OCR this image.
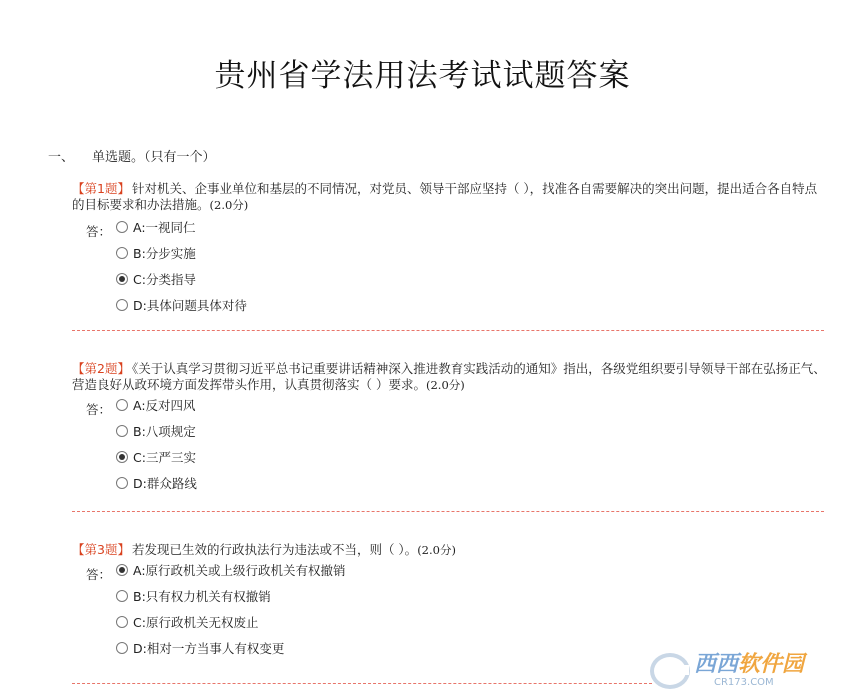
贵州省学法用法考试试题答案
一、 单选题。（只有一个）

【第1题】 针对机关、企事业单位和基层的不同情况，对党员、领导干部应坚持（ ），找准各自需要解决的突出问题，提出适合各自特点的目标要求和办法措施。(2.0分)

答： A:一视同仁
B:分步实施
C:分类指导
D:具体问题具体对待

【第2题】 《关于认真学习贯彻习近平总书记重要讲话精神深入推进教育实践活动的通知》指出，各级党组织要引导领导干部在弘扬正气、营造良好从政环境方面发挥带头作用，认真贯彻落实（ ）要求。(2.0分)

答： A:反对四风
B:八项规定
C:三严三实
D:群众路线

【第3题】 若发现已生效的行政执法行为违法或不当，则（ ）。(2.0分)

答： A:原行政机关或上级行政机关有权撤销
B:只有权力机关有权撤销
C:原行政机关无权废止
D:相对一方当事人有权变更
西西软件园
CR173.COM
